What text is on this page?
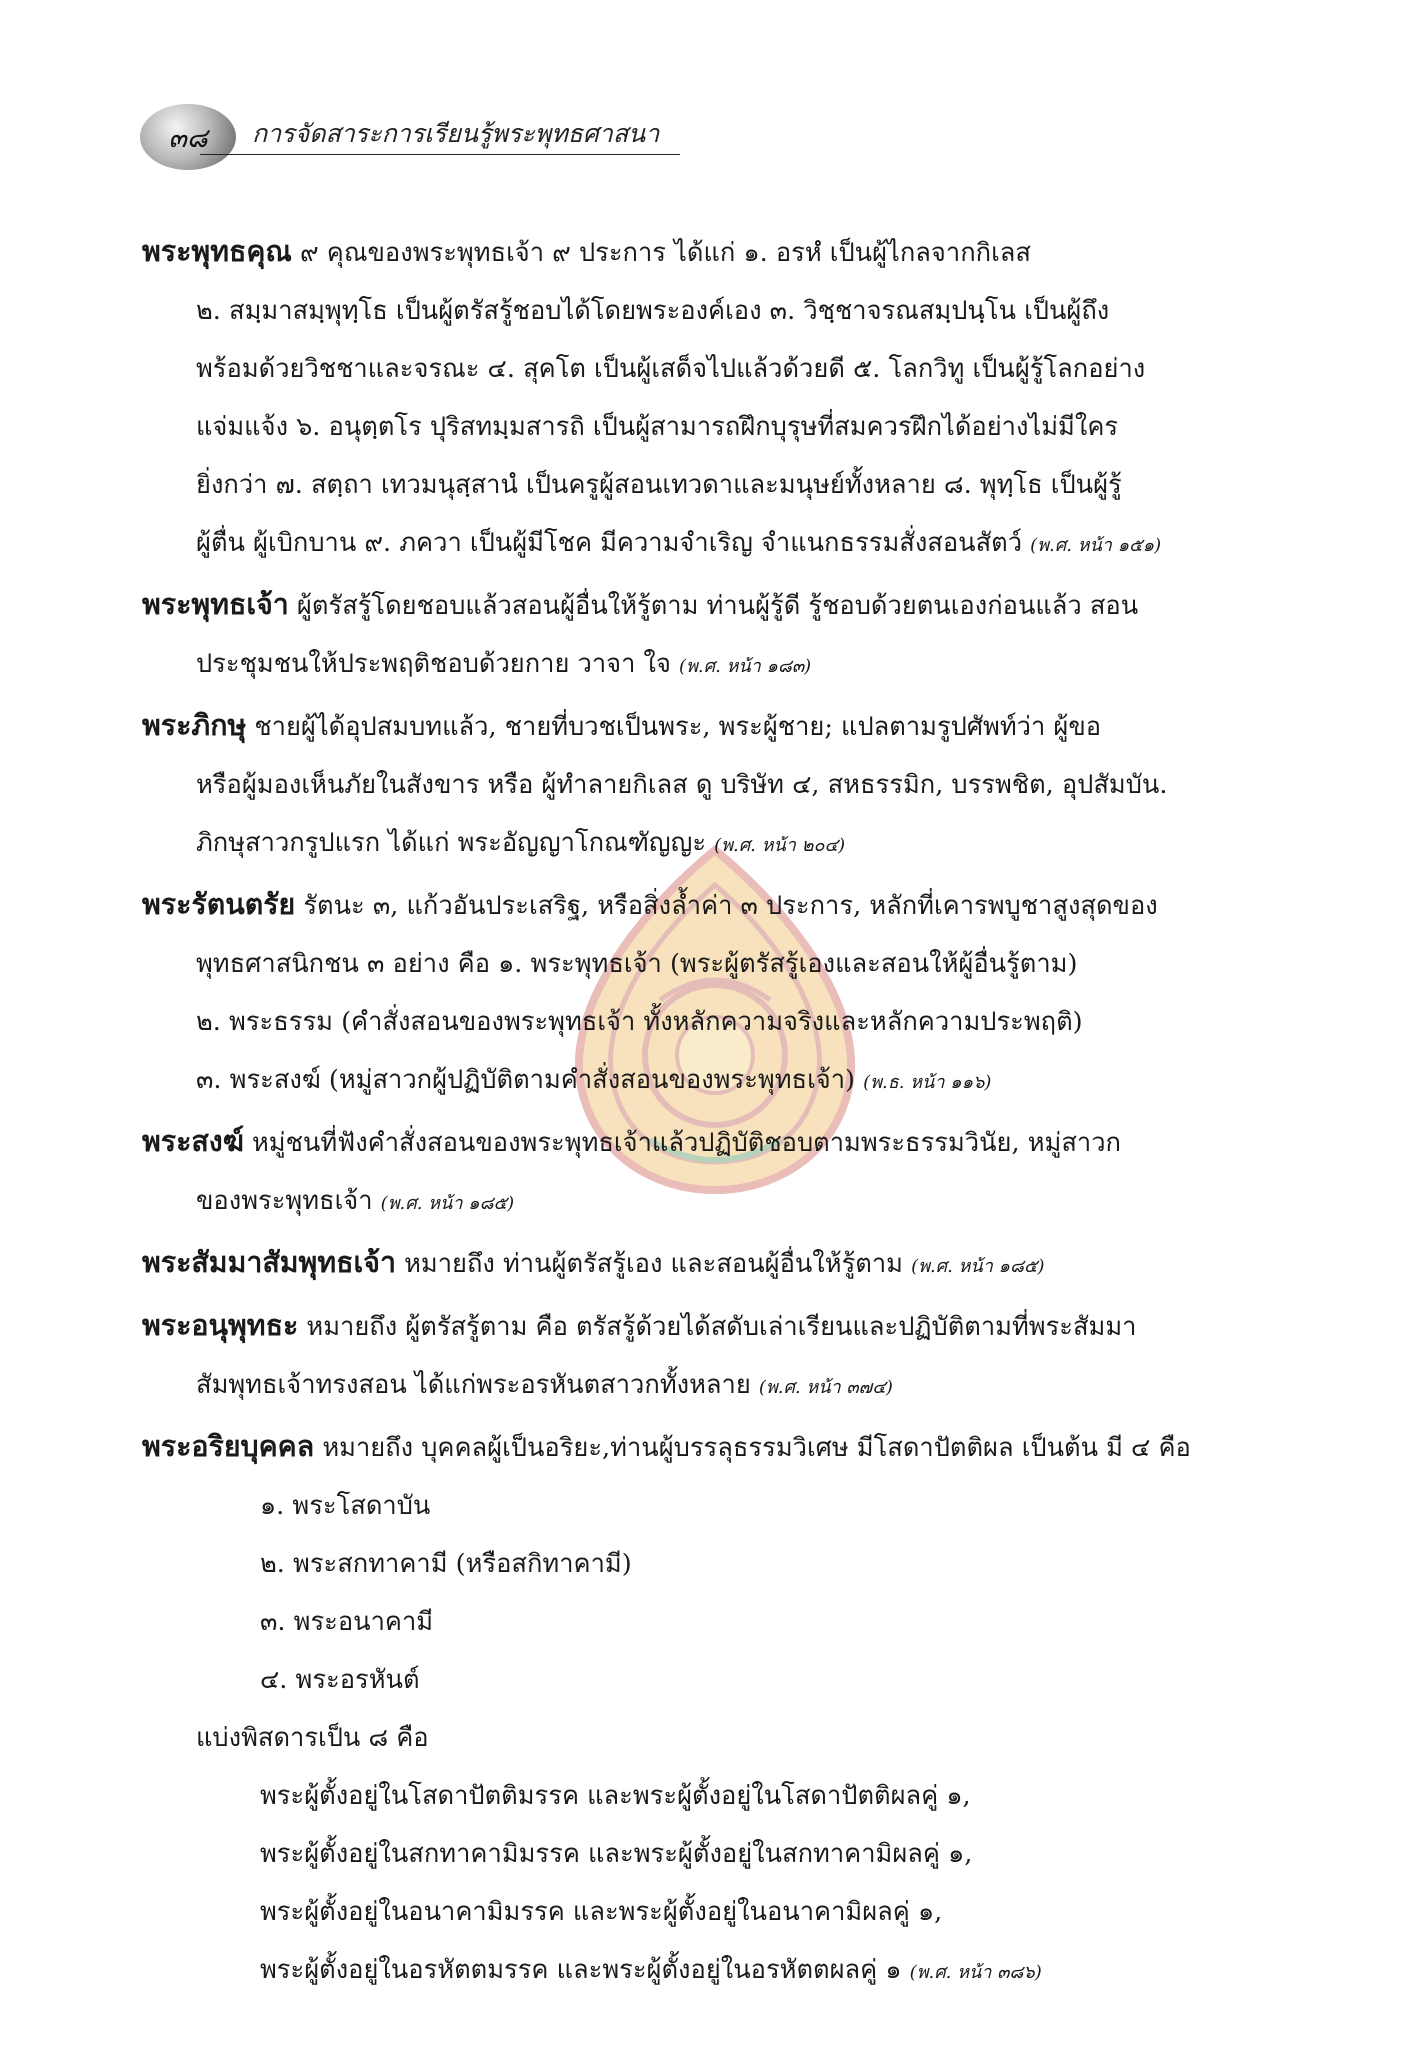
๓๘ การจัดสาระการเรียนรู้พระพุทธศาสนา
พระพุทธคุณ ๙ คุณของพระพุทธเจ้า ๙ ประการ ได้แก่ ๑. อรหํ เป็นผู้ไกลจากกิเลส
๒. สมฺมาสมฺพุทฺโธ เป็นผู้ตรัสรู้ชอบได้โดยพระองค์เอง ๓. วิชฺชาจรณสมฺปนฺโน เป็นผู้ถึง
พร้อมด้วยวิชชาและจรณะ ๔. สุคโต เป็นผู้เสด็จไปแล้วด้วยดี ๕. โลกวิทู เป็นผู้รู้โลกอย่าง
แจ่มแจ้ง ๖. อนุตฺตโร ปุริสทมฺมสารถิ เป็นผู้สามารถฝึกบุรุษที่สมควรฝึกได้อย่างไม่มีใคร
ยิ่งกว่า ๗. สตฺถา เทวมนุสฺสานํ เป็นครูผู้สอนเทวดาและมนุษย์ทั้งหลาย ๘. พุทฺโธ เป็นผู้รู้
ผู้ตื่น ผู้เบิกบาน ๙. ภควา เป็นผู้มีโชค มีความจำเริญ จำแนกธรรมสั่งสอนสัตว์ (พ.ศ. หน้า ๑๕๑)
พระพุทธเจ้า ผู้ตรัสรู้โดยชอบแล้วสอนผู้อื่นให้รู้ตาม ท่านผู้รู้ดี รู้ชอบด้วยตนเองก่อนแล้ว สอน
ประชุมชนให้ประพฤติชอบด้วยกาย วาจา ใจ (พ.ศ. หน้า ๑๘๓)
พระภิกษุ ชายผู้ได้อุปสมบทแล้ว, ชายที่บวชเป็นพระ, พระผู้ชาย; แปลตามรูปศัพท์ว่า ผู้ขอ
หรือผู้มองเห็นภัยในสังขาร หรือ ผู้ทำลายกิเลส ดู บริษัท ๔, สหธรรมิก, บรรพชิต, อุปสัมบัน.
ภิกษุสาวกรูปแรก ได้แก่ พระอัญญาโกณฑัญญะ (พ.ศ. หน้า ๒๐๔)
พระรัตนตรัย รัตนะ ๓, แก้วอันประเสริฐ, หรือสิ่งล้ำค่า ๓ ประการ, หลักที่เคารพบูชาสูงสุดของ
พุทธศาสนิกชน ๓ อย่าง คือ ๑. พระพุทธเจ้า (พระผู้ตรัสรู้เองและสอนให้ผู้อื่นรู้ตาม)
๒. พระธรรม (คำสั่งสอนของพระพุทธเจ้า ทั้งหลักความจริงและหลักความประพฤติ)
๓. พระสงฆ์ (หมู่สาวกผู้ปฏิบัติตามคำสั่งสอนของพระพุทธเจ้า) (พ.ธ. หน้า ๑๑๖)
พระสงฆ์ หมู่ชนที่ฟังคำสั่งสอนของพระพุทธเจ้าแล้วปฏิบัติชอบตามพระธรรมวินัย, หมู่สาวก
ของพระพุทธเจ้า (พ.ศ. หน้า ๑๘๕)
พระสัมมาสัมพุทธเจ้า หมายถึง ท่านผู้ตรัสรู้เอง และสอนผู้อื่นให้รู้ตาม (พ.ศ. หน้า ๑๘๕)
พระอนุพุทธะ หมายถึง ผู้ตรัสรู้ตาม คือ ตรัสรู้ด้วยได้สดับเล่าเรียนและปฏิบัติตามที่พระสัมมา
สัมพุทธเจ้าทรงสอน ได้แก่พระอรหันตสาวกทั้งหลาย (พ.ศ. หน้า ๓๗๔)
พระอริยบุคคล หมายถึง บุคคลผู้เป็นอริยะ,ท่านผู้บรรลุธรรมวิเศษ มีโสดาปัตติผล เป็นต้น มี ๔ คือ
๑. พระโสดาบัน
๒. พระสกทาคามี (หรือสกิทาคามี)
๓. พระอนาคามี
๔. พระอรหันต์
แบ่งพิสดารเป็น ๘ คือ
พระผู้ตั้งอยู่ในโสดาปัตติมรรค และพระผู้ตั้งอยู่ในโสดาปัตติผลคู่ ๑,
พระผู้ตั้งอยู่ในสกทาคามิมรรค และพระผู้ตั้งอยู่ในสกทาคามิผลคู่ ๑,
พระผู้ตั้งอยู่ในอนาคามิมรรค และพระผู้ตั้งอยู่ในอนาคามิผลคู่ ๑,
พระผู้ตั้งอยู่ในอรหัตตมรรค และพระผู้ตั้งอยู่ในอรหัตตผลคู่ ๑ (พ.ศ. หน้า ๓๘๖)
